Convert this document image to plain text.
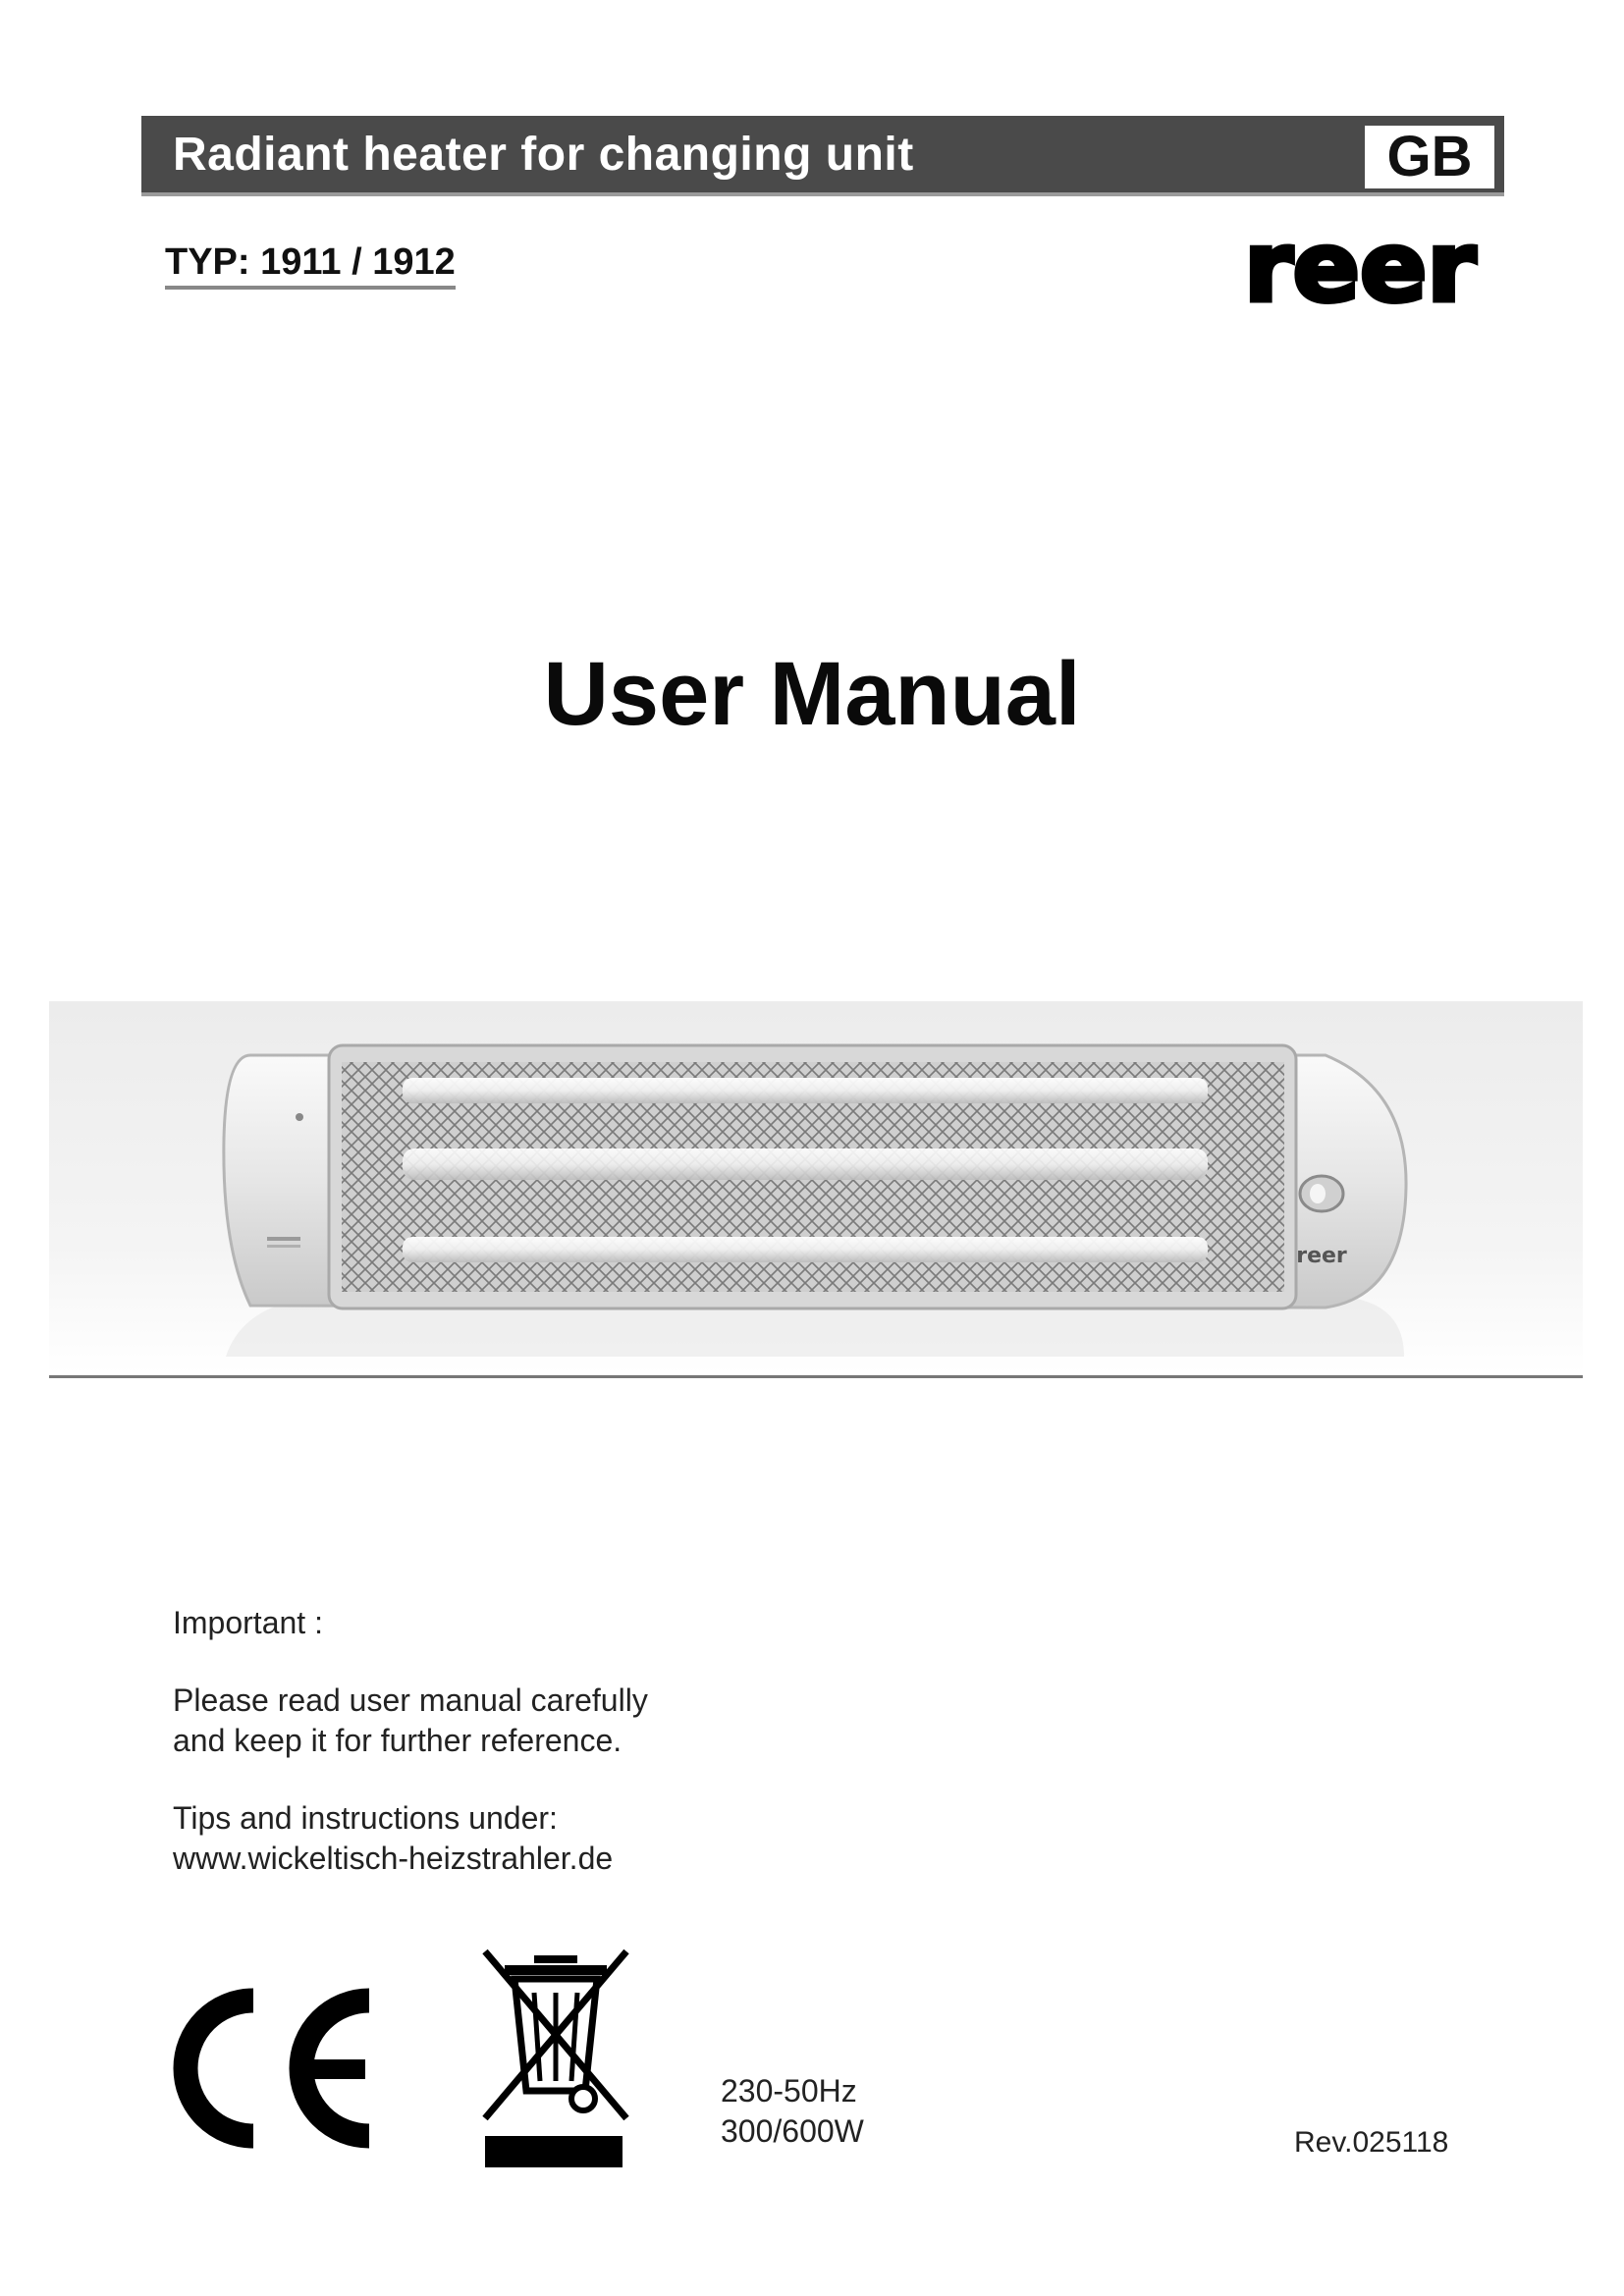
Radiant heater for changing unit	GB
TYP: 1911 / 1912	reer
User Manual
reer

Important :

Please read user manual carefully
and keep it for further reference.

Tips and instructions under:
www.wickeltisch-heizstrahler.de

230-50Hz
300/600W	Rev.025118
